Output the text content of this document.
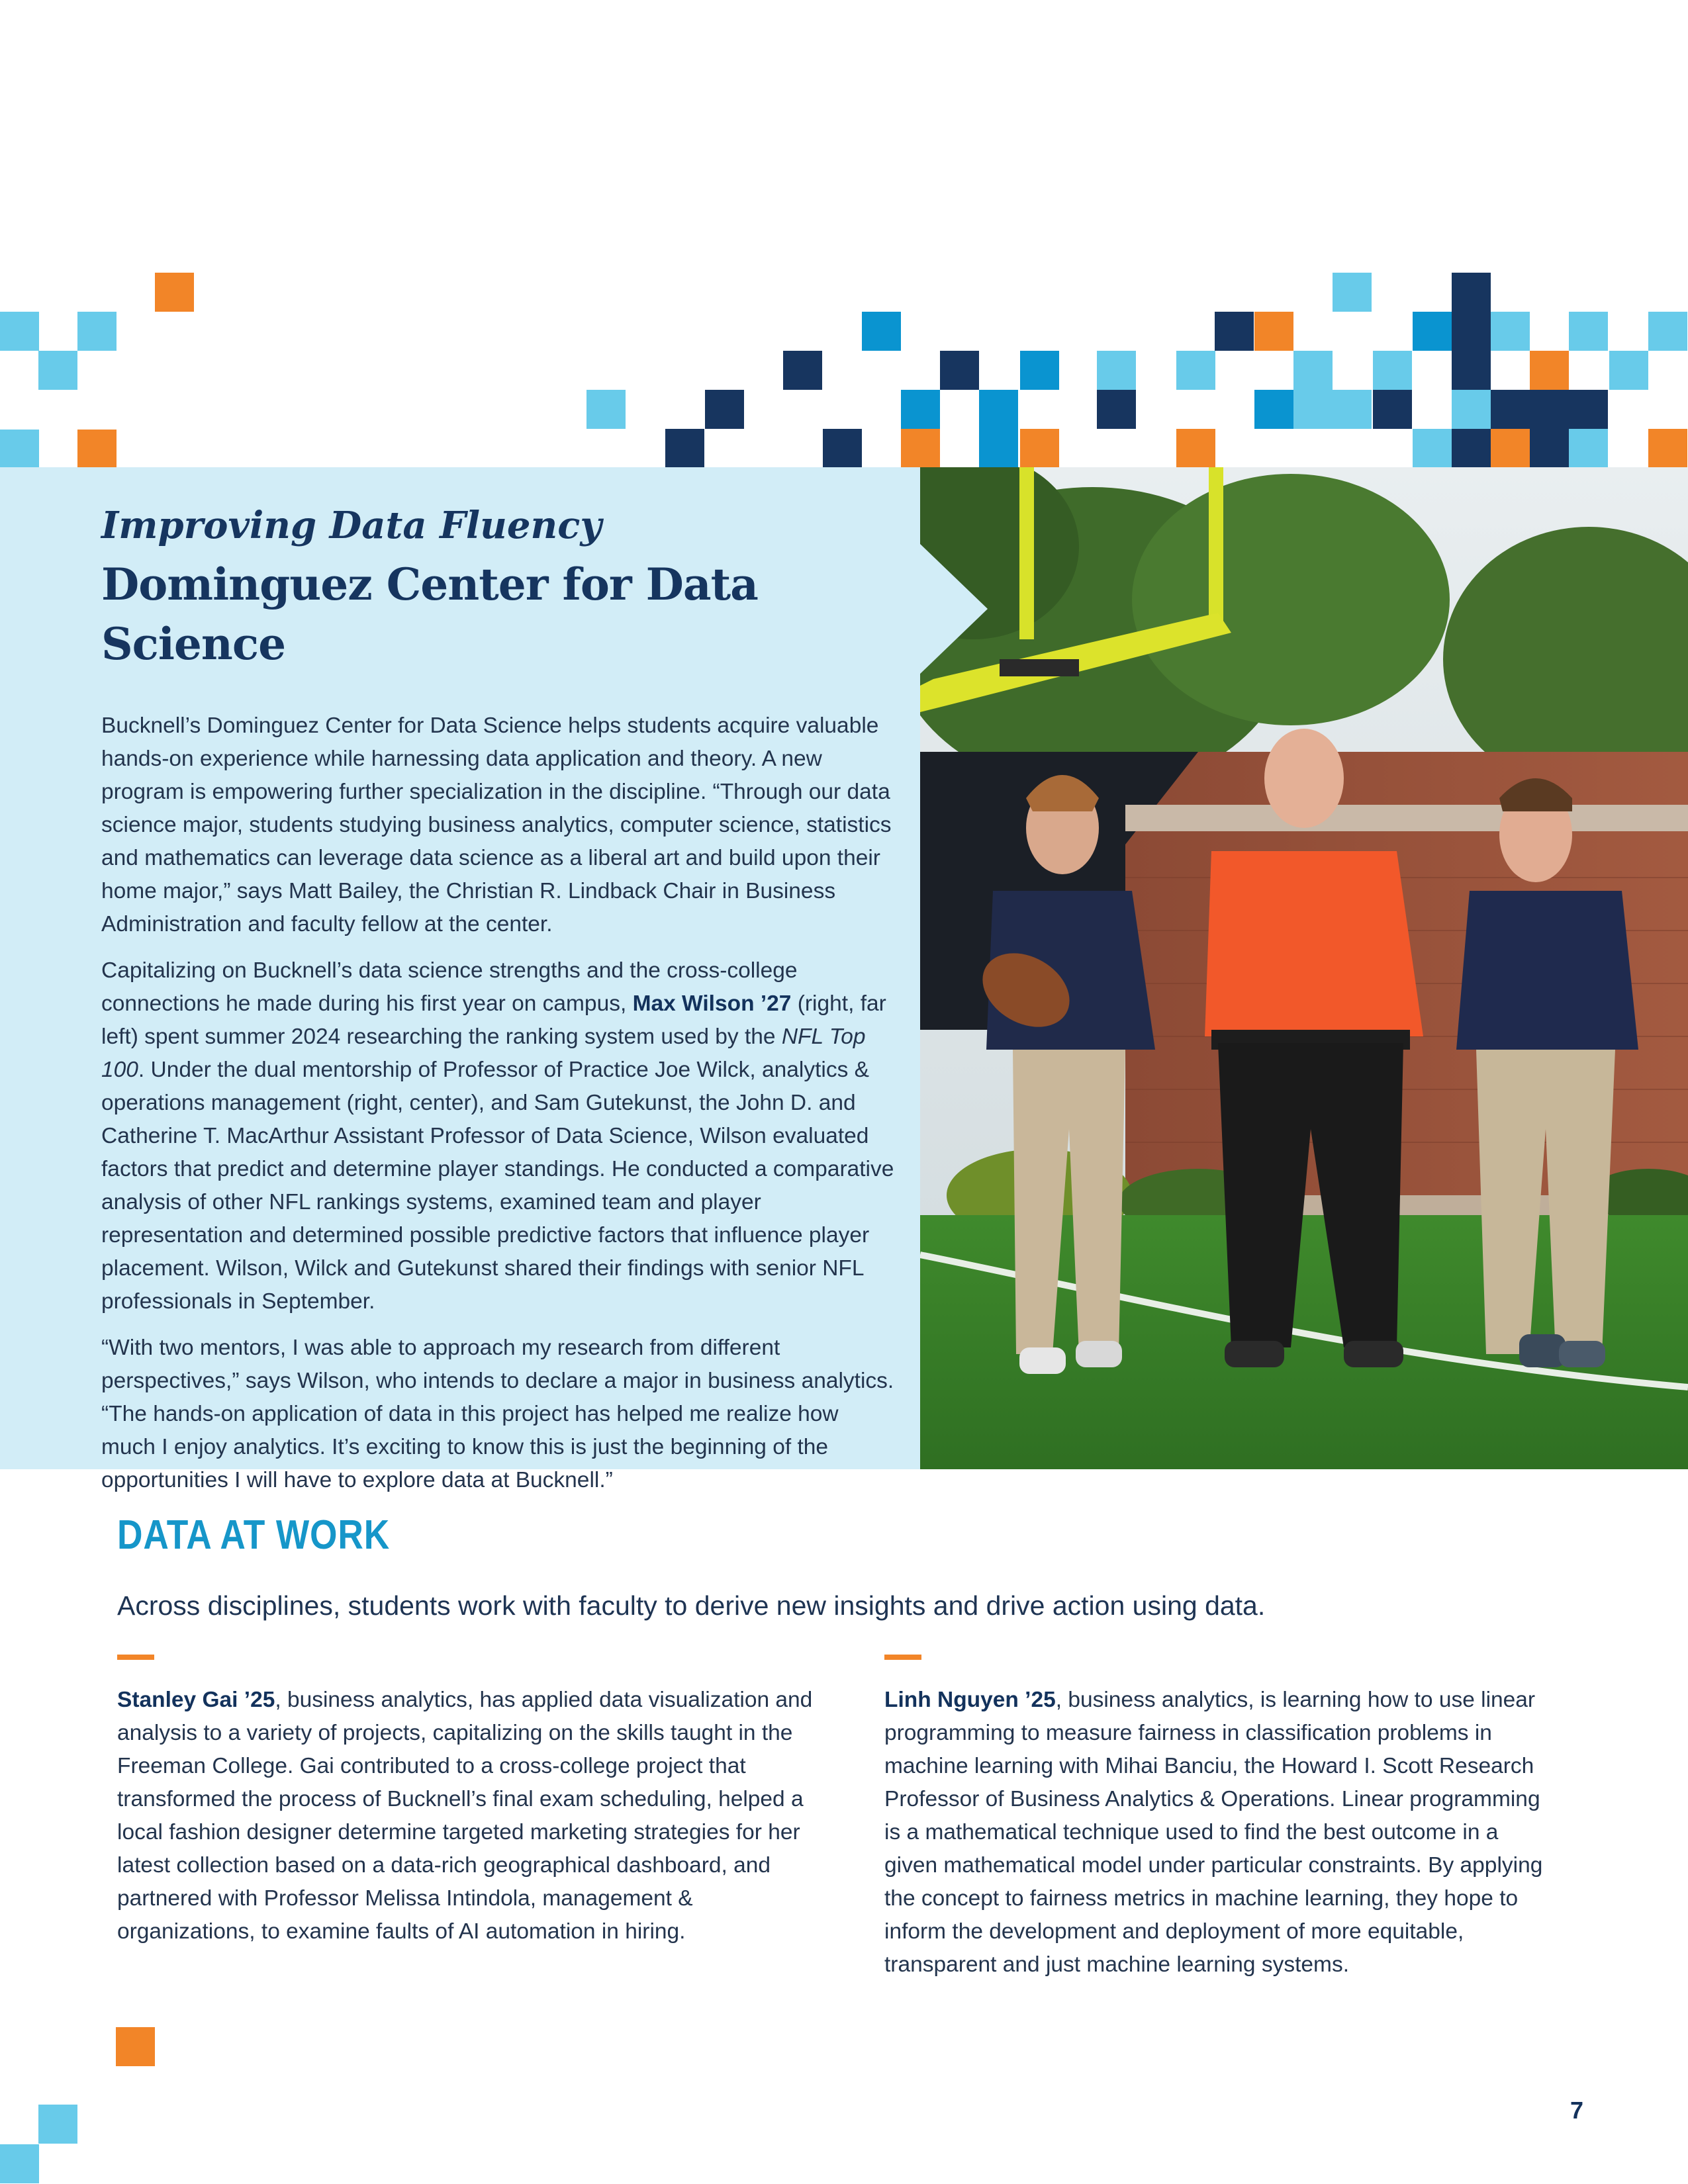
Improving Data Fluency
Dominguez Center for Data Science

Bucknell’s Dominguez Center for Data Science helps students acquire valuable hands-on experience while harnessing data application and theory. A new program is empowering further specialization in the discipline. “Through our data science major, students studying business analytics, computer science, statistics and mathematics can leverage data science as a liberal art and build upon their home major,” says Matt Bailey, the Christian R. Lindback Chair in Business Administration and faculty fellow at the center.

Capitalizing on Bucknell’s data science strengths and the cross-college connections he made during his first year on campus, Max Wilson ’27 (right, far left) spent summer 2024 researching the ranking system used by the NFL Top 100. Under the dual mentorship of Professor of Practice Joe Wilck, analytics & operations management (right, center), and Sam Gutekunst, the John D. and Catherine T. MacArthur Assistant Professor of Data Science, Wilson evaluated factors that predict and determine player standings. He conducted a comparative analysis of other NFL rankings systems, examined team and player representation and determined possible predictive factors that influence player placement. Wilson, Wilck and Gutekunst shared their findings with senior NFL professionals in September.

“With two mentors, I was able to approach my research from different perspectives,” says Wilson, who intends to declare a major in business analytics. “The hands-on application of data in this project has helped me realize how much I enjoy analytics. It’s exciting to know this is just the beginning of the opportunities I will have to explore data at Bucknell.”

DATA AT WORK

Across disciplines, students work with faculty to derive new insights and drive action using data.

Stanley Gai ’25, business analytics, has applied data visualization and analysis to a variety of projects, capitalizing on the skills taught in the Freeman College. Gai contributed to a cross-college project that transformed the process of Bucknell’s final exam scheduling, helped a local fashion designer determine targeted marketing strategies for her latest collection based on a data-rich geographical dashboard, and partnered with Professor Melissa Intindola, management & organizations, to examine faults of AI automation in hiring.

Linh Nguyen ’25, business analytics, is learning how to use linear programming to measure fairness in classification problems in machine learning with Mihai Banciu, the Howard I. Scott Research Professor of Business Analytics & Operations. Linear programming is a mathematical technique used to find the best outcome in a given mathematical model under particular constraints. By applying the concept to fairness metrics in machine learning, they hope to inform the development and deployment of more equitable, transparent and just machine learning systems.

7
